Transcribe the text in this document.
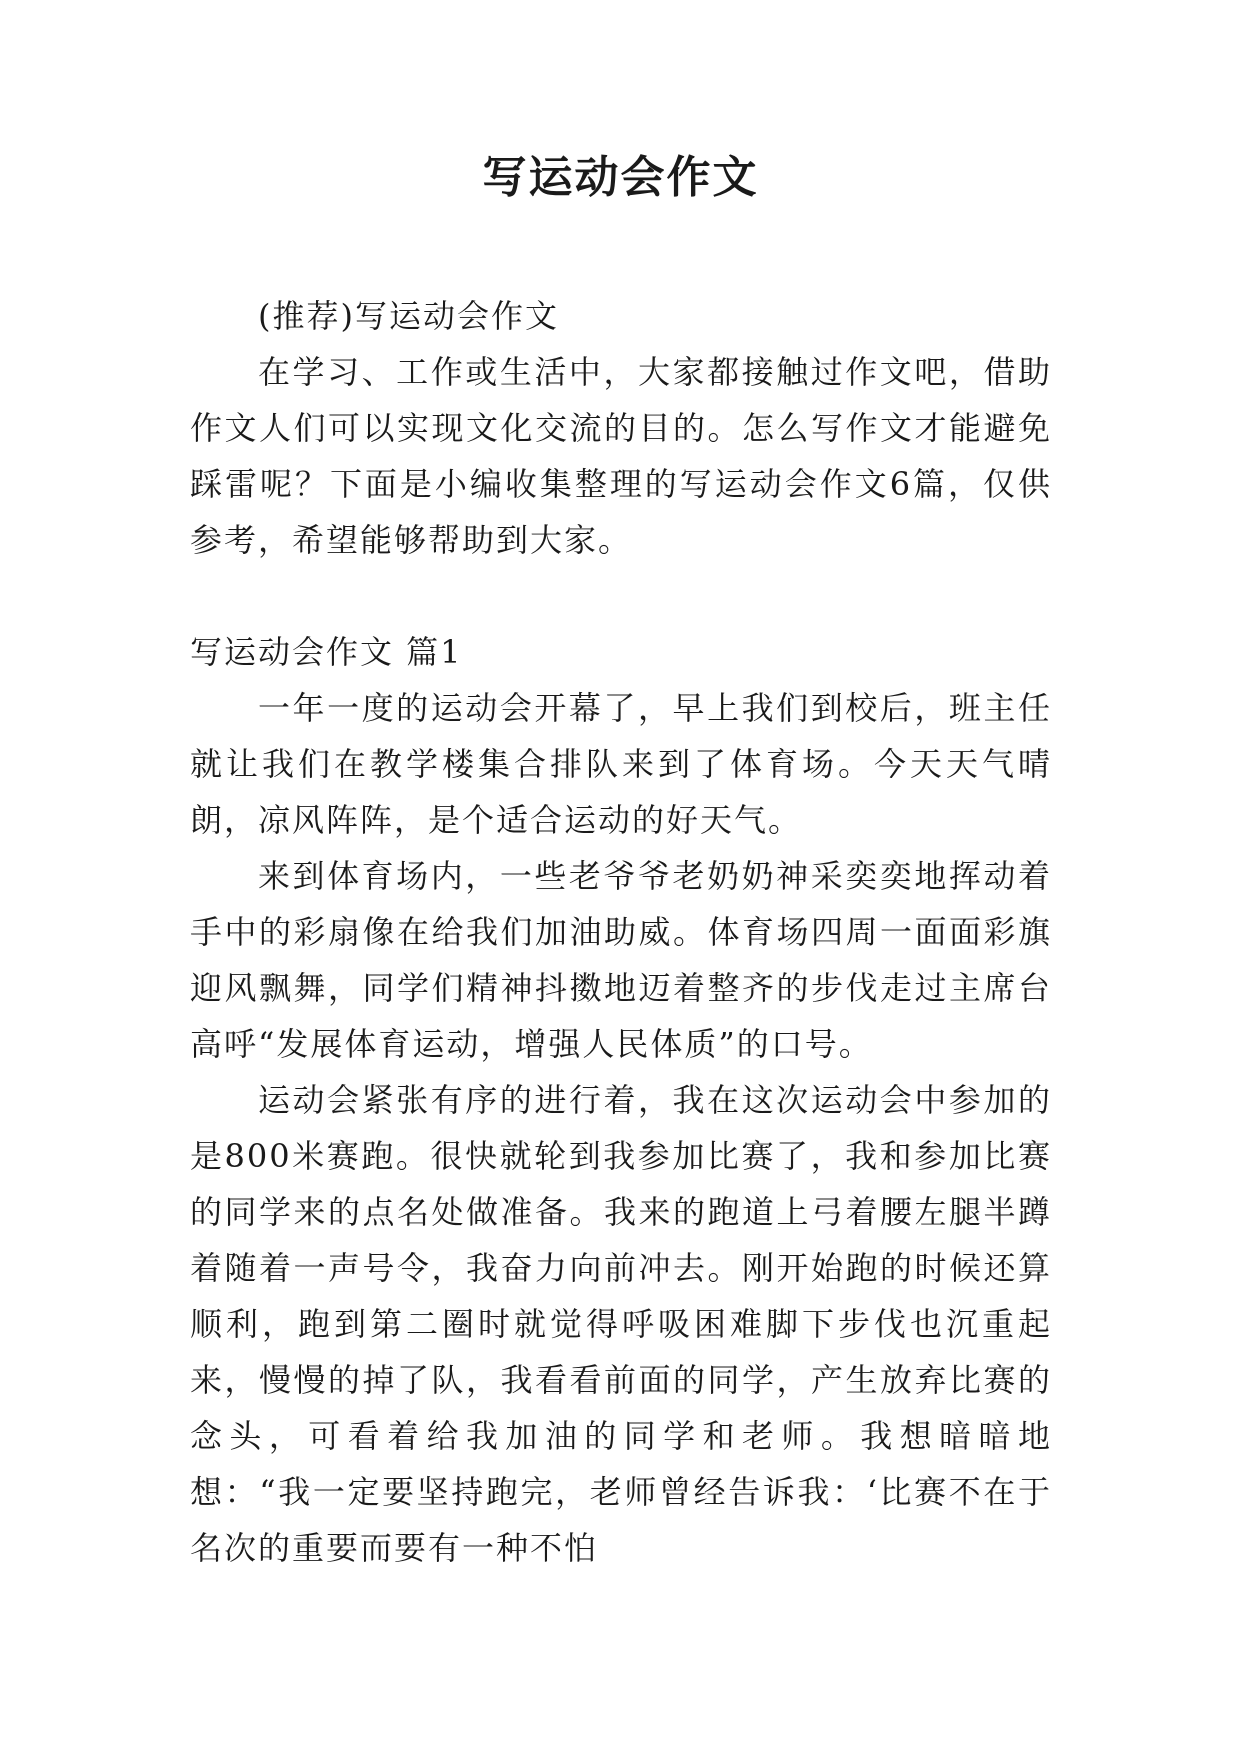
写运动会作文

(推荐)写运动会作文

在学习、工作或生活中，大家都接触过作文吧，借助作文人们可以实现文化交流的目的。怎么写作文才能避免踩雷呢？下面是小编收集整理的写运动会作文6篇，仅供参考，希望能够帮助到大家。

写运动会作文 篇1

一年一度的运动会开幕了，早上我们到校后，班主任就让我们在教学楼集合排队来到了体育场。今天天气晴朗，凉风阵阵，是个适合运动的好天气。

来到体育场内，一些老爷爷老奶奶神采奕奕地挥动着手中的彩扇像在给我们加油助威。体育场四周一面面彩旗迎风飘舞，同学们精神抖擞地迈着整齐的步伐走过主席台高呼“发展体育运动，增强人民体质”的口号。

运动会紧张有序的进行着，我在这次运动会中参加的是800米赛跑。很快就轮到我参加比赛了，我和参加比赛的同学来的点名处做准备。我来的跑道上弓着腰左腿半蹲着随着一声号令，我奋力向前冲去。刚开始跑的时候还算顺利，跑到第二圈时就觉得呼吸困难脚下步伐也沉重起来，慢慢的掉了队，我看看前面的同学，产生放弃比赛的念头，可看着给我加油的同学和老师。我想暗暗地想：“我一定要坚持跑完，老师曾经告诉我：‘比赛不在于名次的重要而要有一种不怕
